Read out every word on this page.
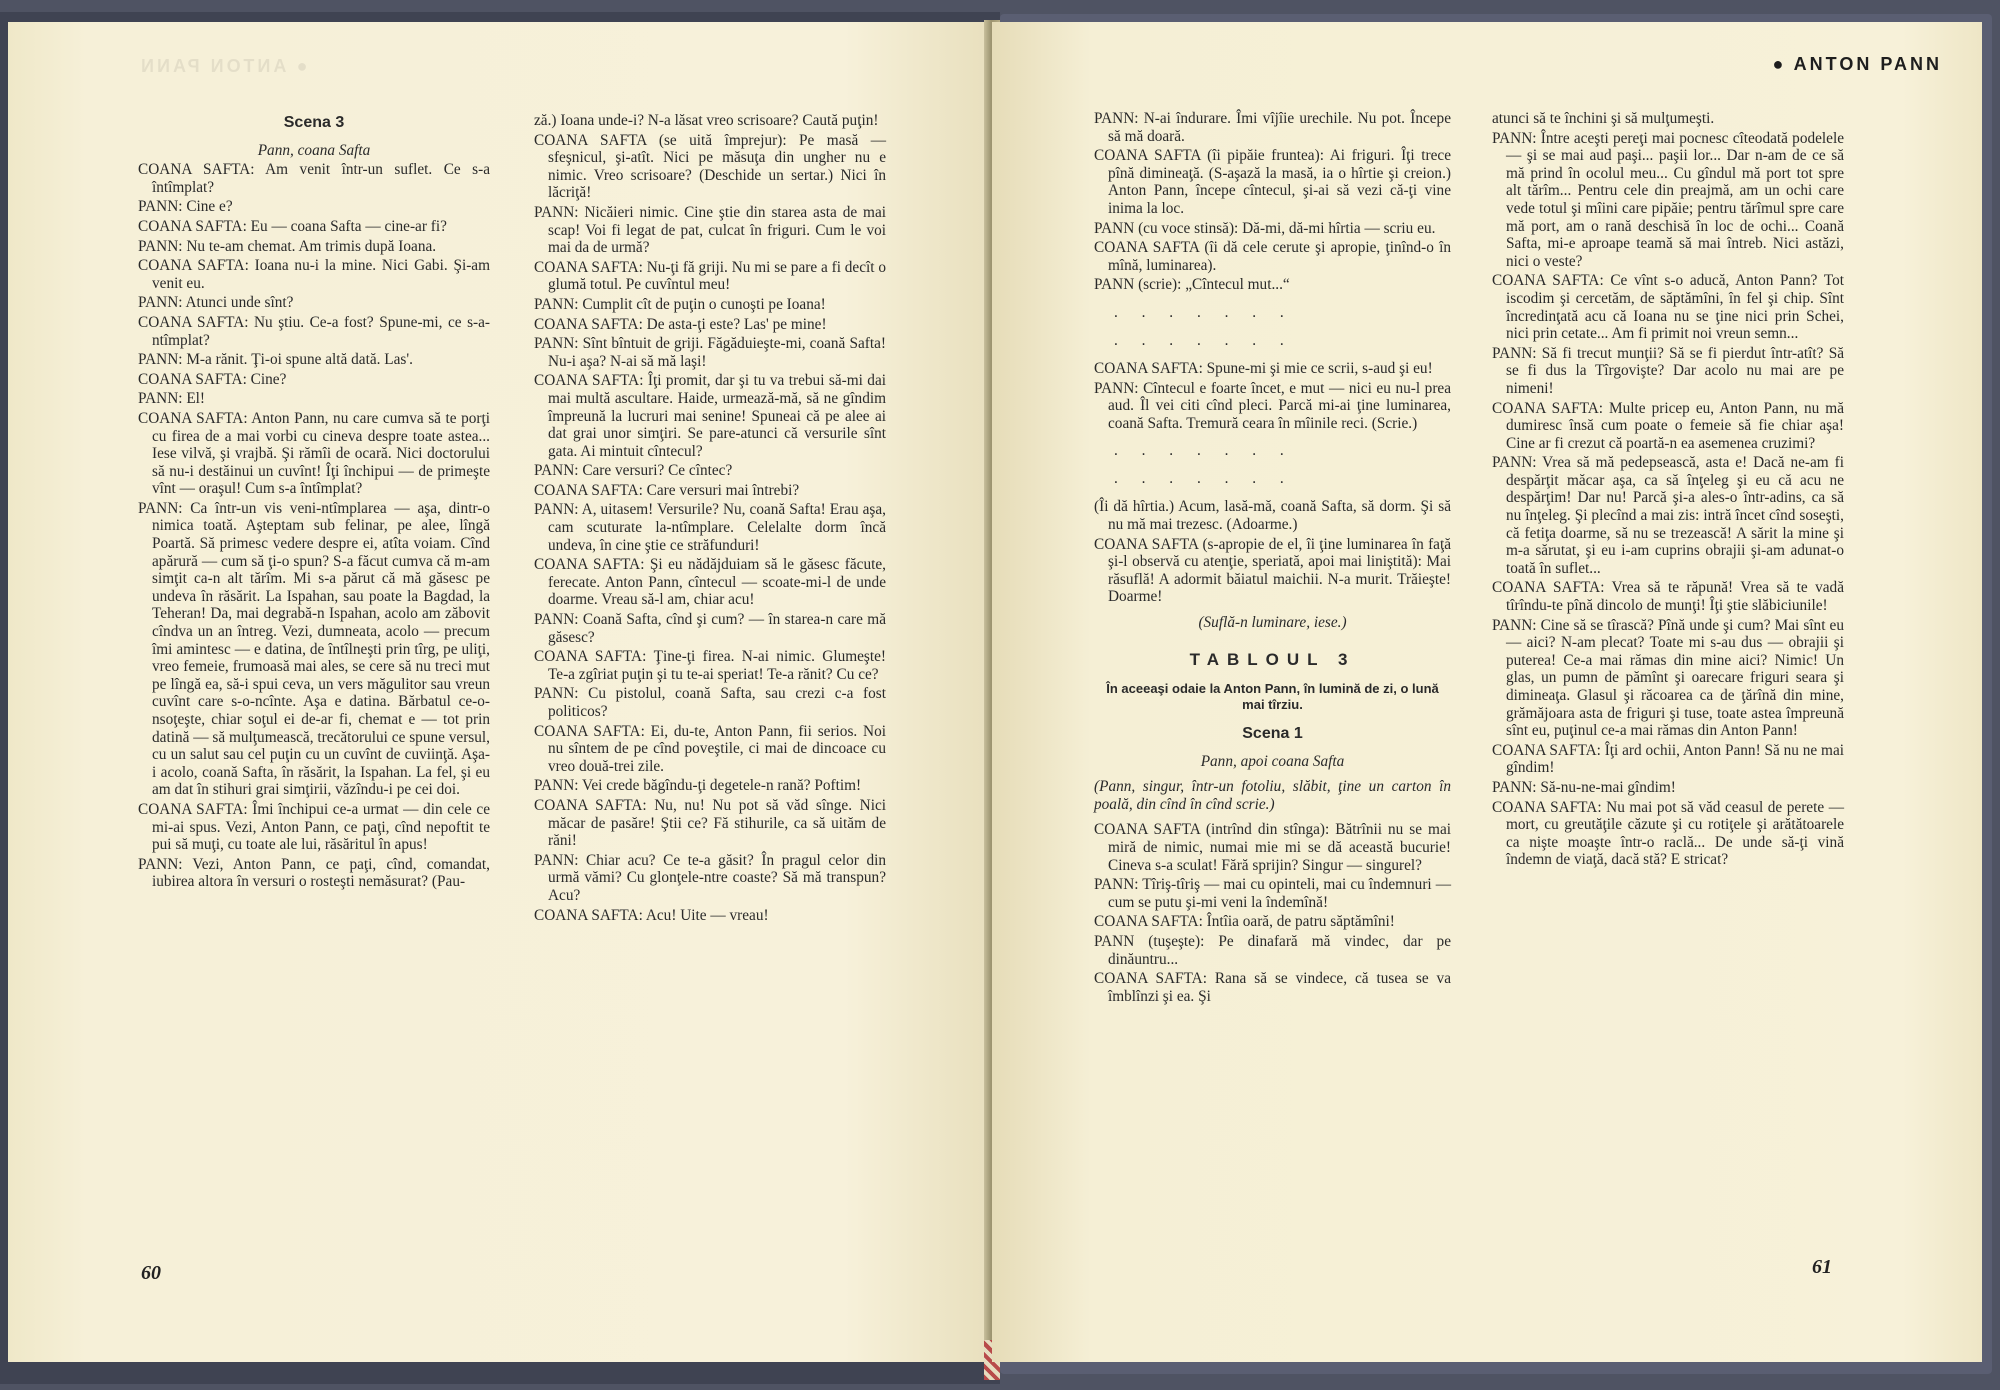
● ANTON PANN
Scena 3

Pann, coana Safta

COANA SAFTA: Am venit într-un suflet. Ce s-a întîmplat?

PANN: Cine e?

COANA SAFTA: Eu — coana Safta — cine-ar fi?

PANN: Nu te-am chemat. Am trimis după Ioana.

COANA SAFTA: Ioana nu-i la mine. Nici Gabi. Şi-am venit eu.

PANN: Atunci unde sînt?

COANA SAFTA: Nu ştiu. Ce-a fost? Spune-mi, ce s-a-ntîmplat?

PANN: M-a rănit. Ţi-oi spune altă dată. Las'.

COANA SAFTA: Cine?

PANN: El!

COANA SAFTA: Anton Pann, nu care cumva să te porţi cu firea de a mai vorbi cu cineva despre toate astea... Iese vilvă, şi vrajbă. Şi rămîi de ocară. Nici doctorului să nu-i destăinui un cuvînt! Îţi închipui — de primeşte vînt — oraşul! Cum s-a întîmplat?

PANN: Ca într-un vis veni-ntîmplarea — aşa, dintr-o nimica toată. Aşteptam sub felinar, pe alee, lîngă Poartă. Să primesc vedere despre ei, atîta voiam. Cînd apărură — cum să ţi-o spun? S-a făcut cumva că m-am simţit ca-n alt tărîm. Mi s-a părut că mă găsesc pe undeva în răsărit. La Ispahan, sau poate la Bagdad, la Teheran! Da, mai degrabă-n Ispahan, acolo am zăbovit cîndva un an întreg. Vezi, dumneata, acolo — precum îmi amintesc — e datina, de întîlneşti prin tîrg, pe uliţi, vreo femeie, frumoasă mai ales, se cere să nu treci mut pe lîngă ea, să-i spui ceva, un vers măgulitor sau vreun cuvînt care s-o-ncînte. Aşa e datina. Bărbatul ce-o-nsoţeşte, chiar soţul ei de-ar fi, chemat e — tot prin datină — să mulţumească, trecătorului ce spune versul, cu un salut sau cel puţin cu un cuvînt de cuviinţă. Aşa-i acolo, coană Safta, în răsărit, la Ispahan. La fel, şi eu am dat în stihuri grai simţirii, văzîndu-i pe cei doi.

COANA SAFTA: Îmi închipui ce-a urmat — din cele ce mi-ai spus. Vezi, Anton Pann, ce paţi, cînd nepoftit te pui să muţi, cu toate ale lui, răsăritul în apus!

PANN: Vezi, Anton Pann, ce paţi, cînd, comandat, iubirea altora în versuri o rosteşti nemăsurat? (Pau-

ză.) Ioana unde-i? N-a lăsat vreo scrisoare? Caută puţin!

COANA SAFTA (se uită împrejur): Pe masă — sfeşnicul, şi-atît. Nici pe măsuţa din ungher nu e nimic. Vreo scrisoare? (Deschide un sertar.) Nici în lăcriţă!

PANN: Nicăieri nimic. Cine ştie din starea asta de mai scap! Voi fi legat de pat, culcat în friguri. Cum le voi mai da de urmă?

COANA SAFTA: Nu-ţi fă griji. Nu mi se pare a fi decît o glumă totul. Pe cuvîntul meu!

PANN: Cumplit cît de puţin o cunoşti pe Ioana!

COANA SAFTA: De asta-ţi este? Las' pe mine!

PANN: Sînt bîntuit de griji. Făgăduieşte-mi, coană Safta! Nu-i aşa? N-ai să mă laşi!

COANA SAFTA: Îţi promit, dar şi tu va trebui să-mi dai mai multă ascultare. Haide, urmează-mă, să ne gîndim împreună la lucruri mai senine! Spuneai că pe alee ai dat grai unor simţiri. Se pare-atunci că versurile sînt gata. Ai mintuit cîntecul?

PANN: Care versuri? Ce cîntec?

COANA SAFTA: Care versuri mai întrebi?

PANN: A, uitasem! Versurile? Nu, coană Safta! Erau aşa, cam scuturate la-ntîmplare. Celelalte dorm încă undeva, în cine ştie ce străfunduri!

COANA SAFTA: Şi eu nădăjduiam să le găsesc făcute, ferecate. Anton Pann, cîntecul — scoate-mi-l de unde doarme. Vreau să-l am, chiar acu!

PANN: Coană Safta, cînd şi cum? — în starea-n care mă găsesc?

COANA SAFTA: Ţine-ţi firea. N-ai nimic. Glumeşte! Te-a zgîriat puţin şi tu te-ai speriat! Te-a rănit? Cu ce?

PANN: Cu pistolul, coană Safta, sau crezi c-a fost politicos?

COANA SAFTA: Ei, du-te, Anton Pann, fii serios. Noi nu sîntem de pe cînd poveştile, ci mai de dincoace cu vreo două-trei zile.

PANN: Vei crede băgîndu-ţi degetele-n rană? Poftim!

COANA SAFTA: Nu, nu! Nu pot să văd sînge. Nici măcar de pasăre! Ştii ce? Fă stihurile, ca să uităm de răni!

PANN: Chiar acu? Ce te-a găsit? În pragul celor din urmă vămi? Cu glonţele-ntre coaste? Să mă transpun? Acu?

COANA SAFTA: Acu! Uite — vreau!

60
● ANTON PANN

PANN: N-ai îndurare. Îmi vîjîie urechile. Nu pot. Începe să mă doară.

COANA SAFTA (îi pipăie fruntea): Ai friguri. Îţi trece pînă dimineaţă. (S-aşază la masă, ia o hîrtie şi creion.) Anton Pann, începe cîntecul, şi-ai să vezi că-ţi vine inima la loc.

PANN (cu voce stinsă): Dă-mi, dă-mi hîrtia — scriu eu.

COANA SAFTA (îi dă cele cerute şi apropie, ţinînd-o în mînă, luminarea).

PANN (scrie): „Cîntecul mut...“

. . . . . . .

. . . . . . .

COANA SAFTA: Spune-mi şi mie ce scrii, s-aud şi eu!

PANN: Cîntecul e foarte încet, e mut — nici eu nu-l prea aud. Îl vei citi cînd pleci. Parcă mi-ai ţine luminarea, coană Safta. Tremură ceara în mîinile reci. (Scrie.)

. . . . . . .

. . . . . . .

(Îi dă hîrtia.) Acum, lasă-mă, coană Safta, să dorm. Şi să nu mă mai trezesc. (Adoarme.)

COANA SAFTA (s-apropie de el, îi ţine luminarea în faţă şi-l observă cu atenţie, speriată, apoi mai liniştită): Mai răsuflă! A adormit băiatul maichii. N-a murit. Trăieşte! Doarme!

(Suflă-n luminare, iese.)

TABLOUL 3

În aceeaşi odaie la Anton Pann, în lumină de zi, o lună mai tîrziu.

Scena 1

Pann, apoi coana Safta

(Pann, singur, într-un fotoliu, slăbit, ţine un carton în poală, din cînd în cînd scrie.)

COANA SAFTA (intrînd din stînga): Bătrînii nu se mai miră de nimic, numai mie mi se dă această bucurie! Cineva s-a sculat! Fără sprijin? Singur — singurel?

PANN: Tîriş-tîriş — mai cu opinteli, mai cu îndemnuri — cum se putu şi-mi veni la îndemînă!

COANA SAFTA: Întîia oară, de patru săptămîni!

PANN (tuşeşte): Pe dinafară mă vindec, dar pe dinăuntru...

COANA SAFTA: Rana să se vindece, că tusea se va îmblînzi şi ea. Şi

atunci să te închini şi să mulţumeşti.

PANN: Între aceşti pereţi mai pocnesc cîteodată podelele — şi se mai aud paşi... paşii lor... Dar n-am de ce să mă prind în ocolul meu... Cu gîndul mă port tot spre alt tărîm... Pentru cele din preajmă, am un ochi care vede totul şi mîini care pipăie; pentru tărîmul spre care mă port, am o rană deschisă în loc de ochi... Coană Safta, mi-e aproape teamă să mai întreb. Nici astăzi, nici o veste?

COANA SAFTA: Ce vînt s-o aducă, Anton Pann? Tot iscodim şi cercetăm, de săptămîni, în fel şi chip. Sînt încredinţată acu că Ioana nu se ţine nici prin Schei, nici prin cetate... Am fi primit noi vreun semn...

PANN: Să fi trecut munţii? Să se fi pierdut într-atît? Să se fi dus la Tîrgovişte? Dar acolo nu mai are pe nimeni!

COANA SAFTA: Multe pricep eu, Anton Pann, nu mă dumiresc însă cum poate o femeie să fie chiar aşa! Cine ar fi crezut că poartă-n ea asemenea cruzimi?

PANN: Vrea să mă pedepsească, asta e! Dacă ne-am fi despărţit măcar aşa, ca să înţeleg şi eu că acu ne despărţim! Dar nu! Parcă şi-a ales-o într-adins, ca să nu înţeleg. Şi plecînd a mai zis: intră încet cînd soseşti, că fetiţa doarme, să nu se trezească! A sărit la mine şi m-a sărutat, şi eu i-am cuprins obrajii şi-am adunat-o toată în suflet...

COANA SAFTA: Vrea să te răpună! Vrea să te vadă tîrîndu-te pînă dincolo de munţi! Îţi ştie slăbiciunile!

PANN: Cine să se tîrască? Pînă unde şi cum? Mai sînt eu — aici? N-am plecat? Toate mi s-au dus — obrajii şi puterea! Ce-a mai rămas din mine aici? Nimic! Un glas, un pumn de pămînt şi oarecare friguri seara şi dimineaţa. Glasul şi răcoarea ca de ţărînă din mine, grămăjoara asta de friguri şi tuse, toate astea împreună sînt eu, puţinul ce-a mai rămas din Anton Pann!

COANA SAFTA: Îţi ard ochii, Anton Pann! Să nu ne mai gîndim!

PANN: Să-nu-ne-mai gîndim!

COANA SAFTA: Nu mai pot să văd ceasul de perete — mort, cu greutăţile căzute şi cu rotiţele şi arătătoarele ca nişte moaşte într-o raclă... De unde să-ţi vină îndemn de viaţă, dacă stă? E stricat?

61
